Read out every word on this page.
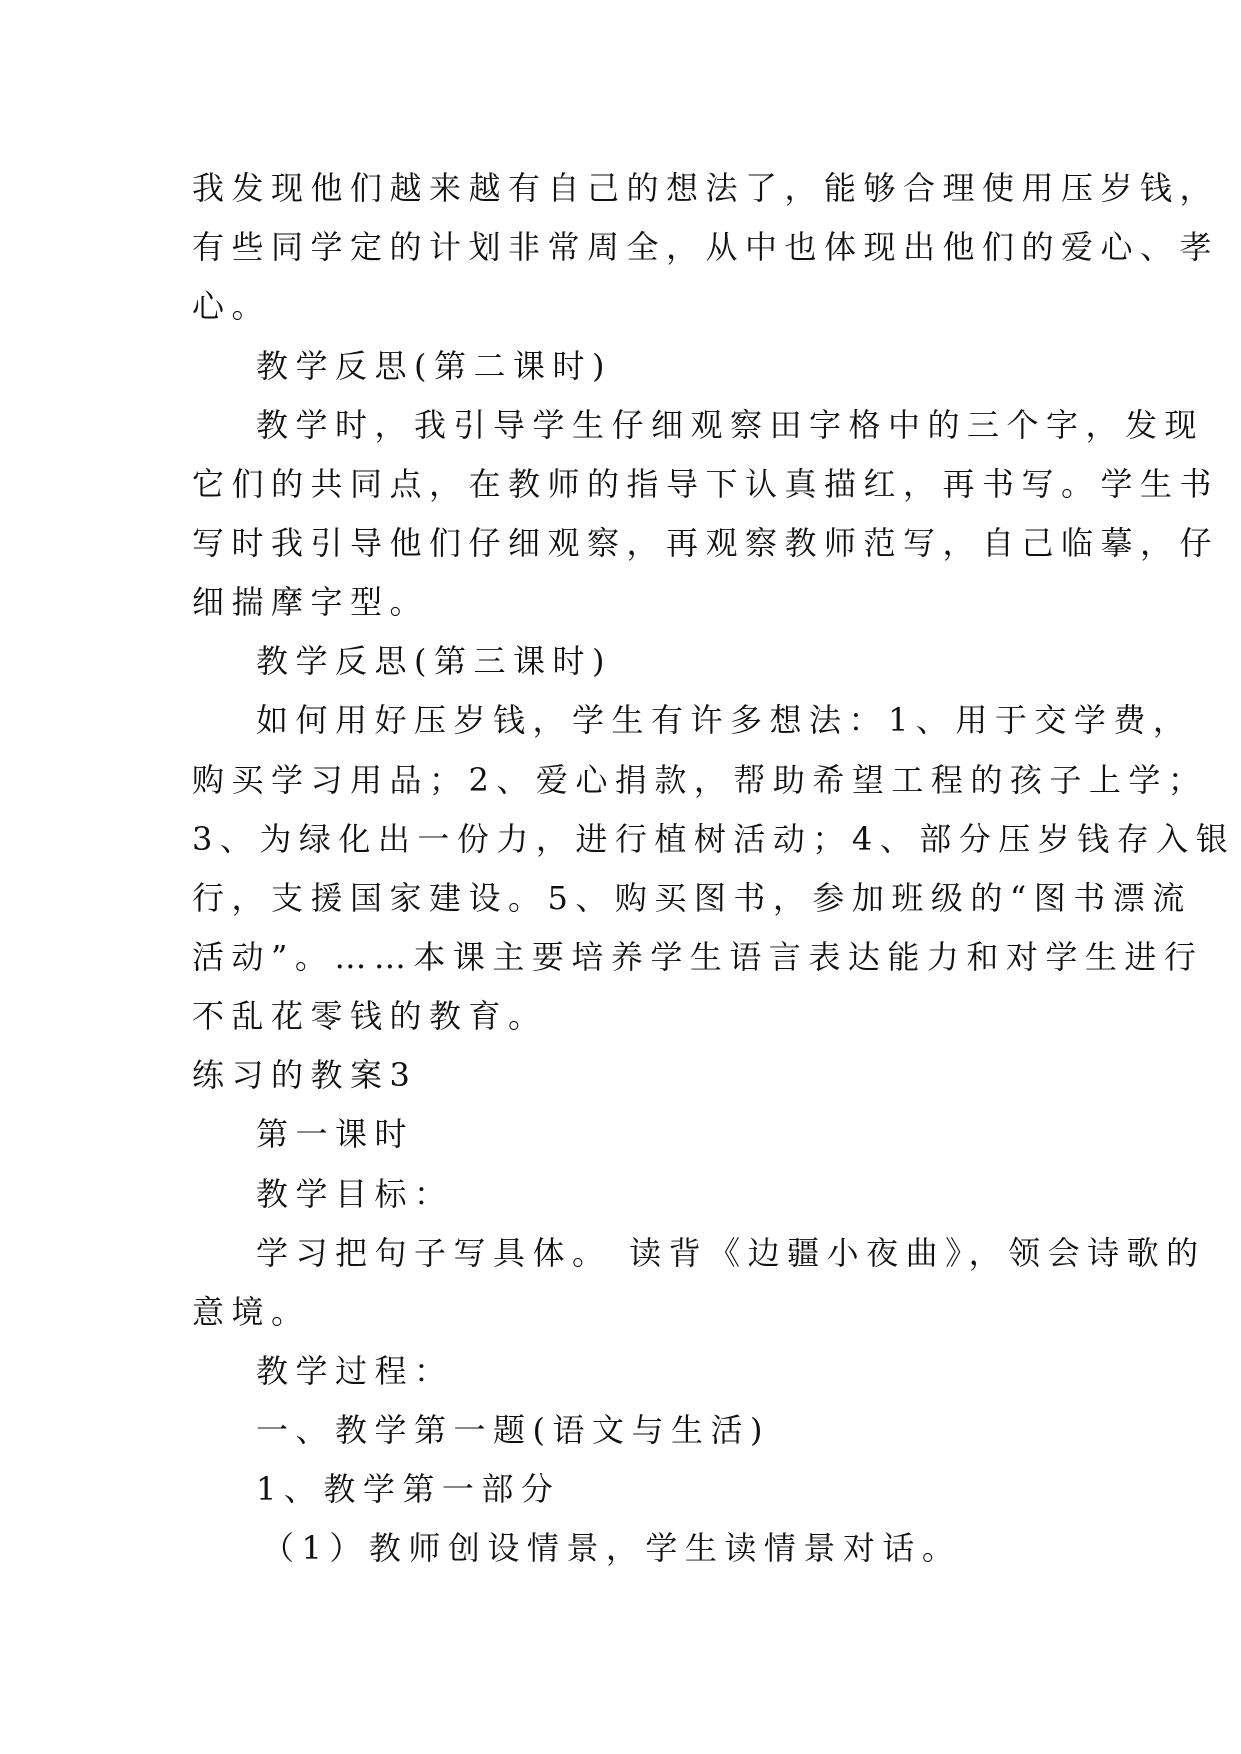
我发现他们越来越有自己的想法了，能够合理使用压岁钱，
有些同学定的计划非常周全，从中也体现出他们的爱心、孝
心。
教学反思(第二课时)
教学时，我引导学生仔细观察田字格中的三个字，发现
它们的共同点，在教师的指导下认真描红，再书写。学生书
写时我引导他们仔细观察，再观察教师范写，自己临摹，仔
细揣摩字型。
教学反思(第三课时)
如何用好压岁钱，学生有许多想法：1、用于交学费，
购买学习用品；2、爱心捐款，帮助希望工程的孩子上学；
3、为绿化出一份力，进行植树活动；4、部分压岁钱存入银
行，支援国家建设。5、购买图书，参加班级的“图书漂流
活动”。……本课主要培养学生语言表达能力和对学生进行
不乱花零钱的教育。
练习的教案3
第一课时
教学目标：
学习把句子写具体。 读背《边疆小夜曲》，领会诗歌的
意境。
教学过程：
一、教学第一题(语文与生活)
1、教学第一部分
（1）教师创设情景，学生读情景对话。
